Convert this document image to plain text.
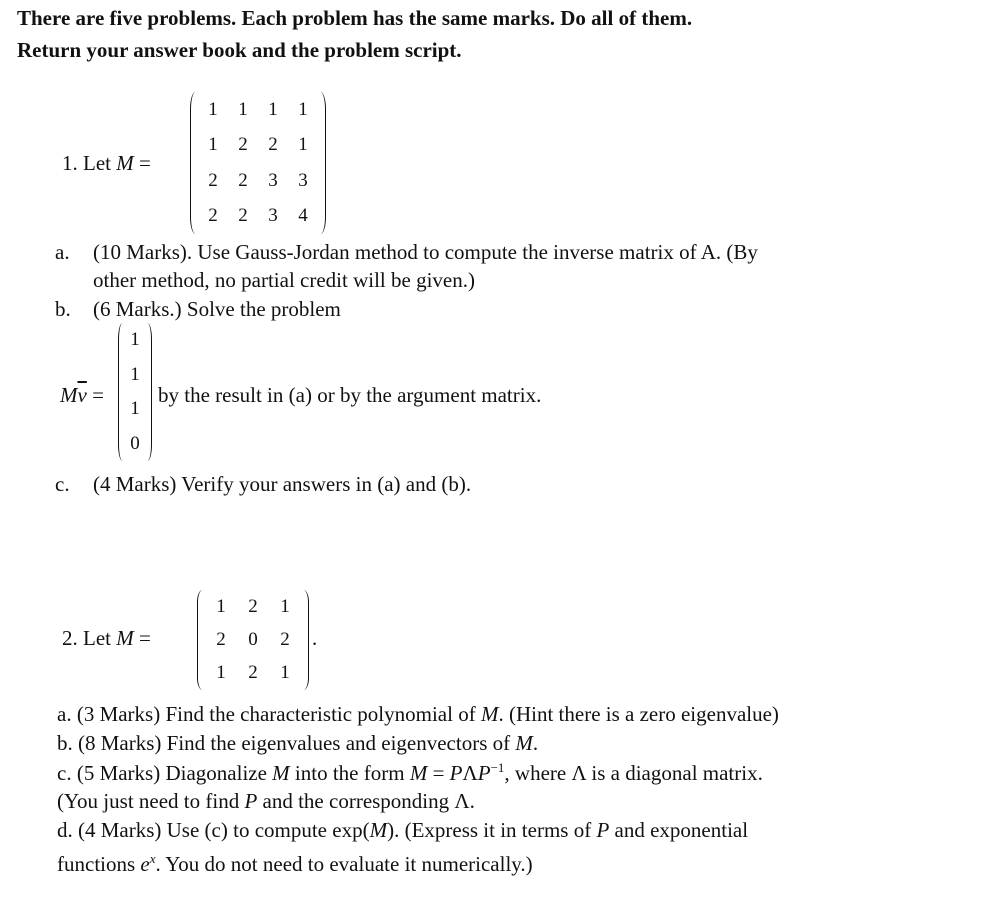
There are five problems. Each problem has the same marks. Do all of them.
Return your answer book and the problem script.
1. Let M =
1	1	1	1
1	2	2	1
2	2	3	3
2	2	3	4
a. (10 Marks). Use Gauss-Jordan method to compute the inverse matrix of A. (By
other method, no partial credit will be given.)
b. (6 Marks.) Solve the problem
$M\overline{v}$ =
1
1
1
0
by the result in (a) or by the argument matrix.
c. (4 Marks) Verify your answers in (a) and (b).
2. Let M =
1	2	1
2	0	2
1	2	1
.
a. (3 Marks) Find the characteristic polynomial of M. (Hint there is a zero eigenvalue)
b. (8 Marks) Find the eigenvalues and eigenvectors of M.
c. (5 Marks) Diagonalize M into the form $M = P\Lambda P^{-1}$, where Λ is a diagonal matrix.
(You just need to find P and the corresponding Λ.
d. (4 Marks) Use (c) to compute exp(M). (Express it in terms of P and exponential
functions $e^x$. You do not need to evaluate it numerically.)
